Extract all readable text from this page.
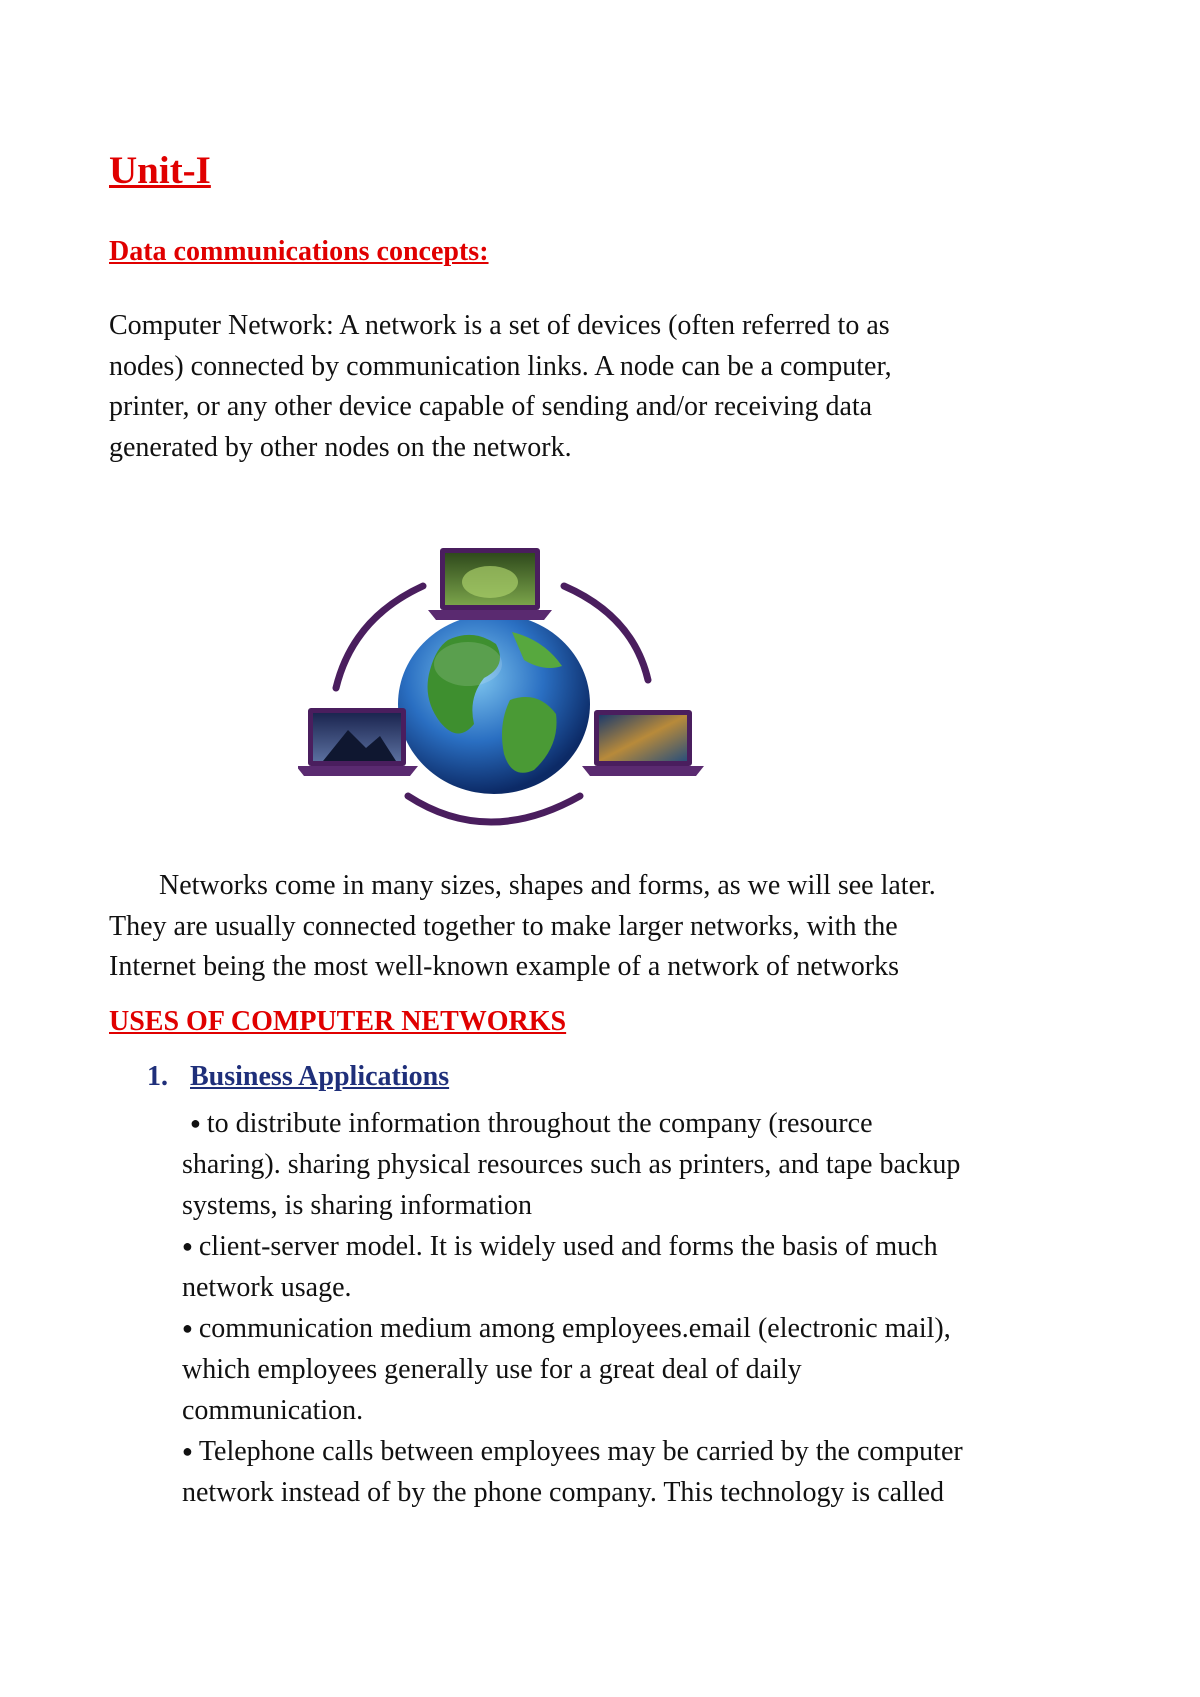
Unit-I
Data communications concepts:
Computer Network: A network is a set of devices (often referred to as
nodes) connected by communication links. A node can be a computer,
printer, or any other device capable of sending and/or receiving data
generated by other nodes on the network.
Networks come in many sizes, shapes and forms, as we will see later.
They are usually connected together to make larger networks, with the
Internet being the most well-known example of a network of networks
USES OF COMPUTER NETWORKS
1. Business Applications
● to distribute information throughout the company (resource
sharing). sharing physical resources such as printers, and tape backup
systems, is sharing information
● client-server model. It is widely used and forms the basis of much
network usage.
● communication medium among employees.email (electronic mail),
which employees generally use for a great deal of daily
communication.
● Telephone calls between employees may be carried by the computer
network instead of by the phone company. This technology is called
